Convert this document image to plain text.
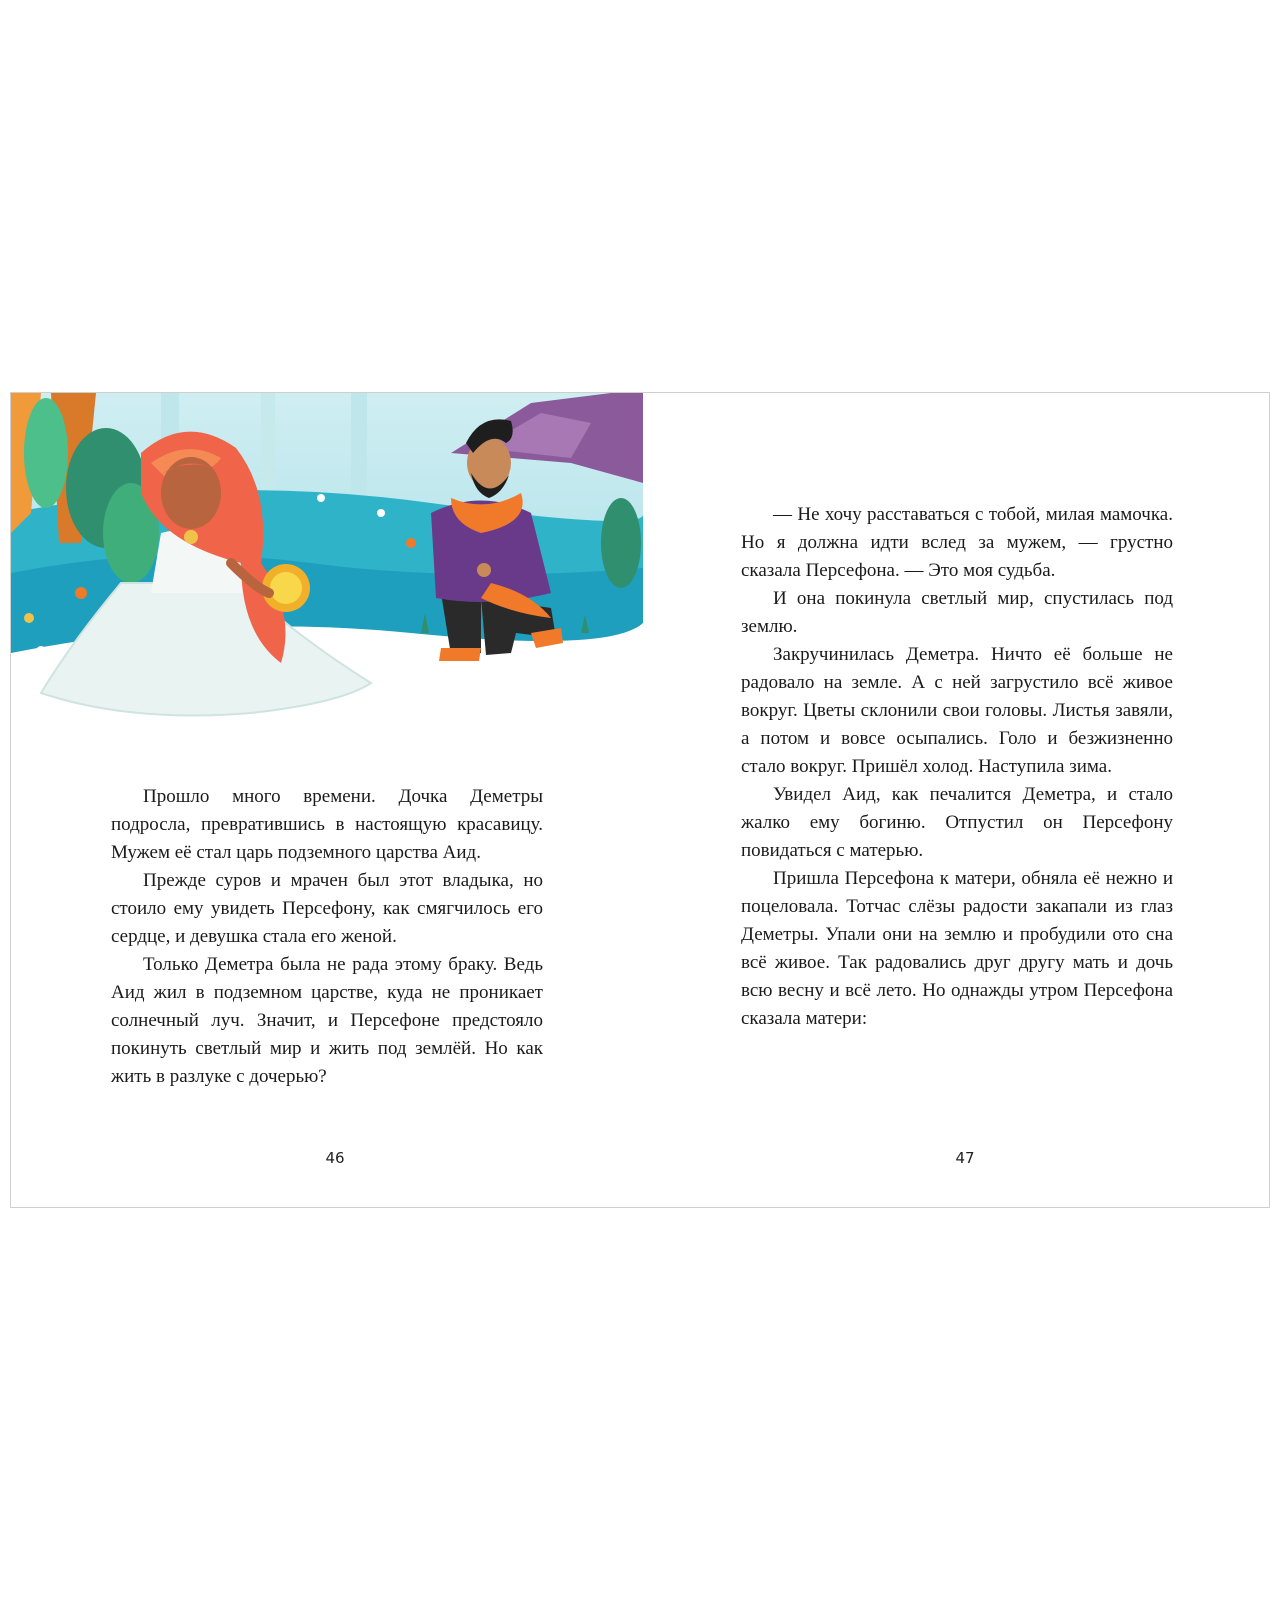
Прошло много времени. Дочка Деметры подросла, превратившись в настоящую красавицу. Мужем её стал царь подземного царства Аид.

Прежде суров и мрачен был этот владыка, но стоило ему увидеть Персефону, как смягчилось его сердце, и девушка стала его женой.

Только Деметра была не рада этому браку. Ведь Аид жил в подземном царстве, куда не проникает солнечный луч. Значит, и Персефоне предстояло покинуть светлый мир и жить под землёй. Но как жить в разлуке с дочерью?

— Не хочу расставаться с тобой, милая мамочка. Но я должна идти вслед за мужем, — грустно сказала Персефона. — Это моя судьба.

И она покинула светлый мир, спустилась под землю.

Закручинилась Деметра. Ничто её больше не радовало на земле. А с ней загрустило всё живое вокруг. Цветы склонили свои головы. Листья завяли, а потом и вовсе осыпались. Голо и безжизненно стало вокруг. Пришёл холод. Наступила зима.

Увидел Аид, как печалится Деметра, и стало жалко ему богиню. Отпустил он Персефону повидаться с матерью.

Пришла Персефона к матери, обняла её нежно и поцеловала. Тотчас слёзы радости закапали из глаз Деметры. Упали они на землю и пробудили ото сна всё живое. Так радовались друг другу мать и дочь всю весну и всё лето. Но однажды утром Персефона сказала матери:

46	47
